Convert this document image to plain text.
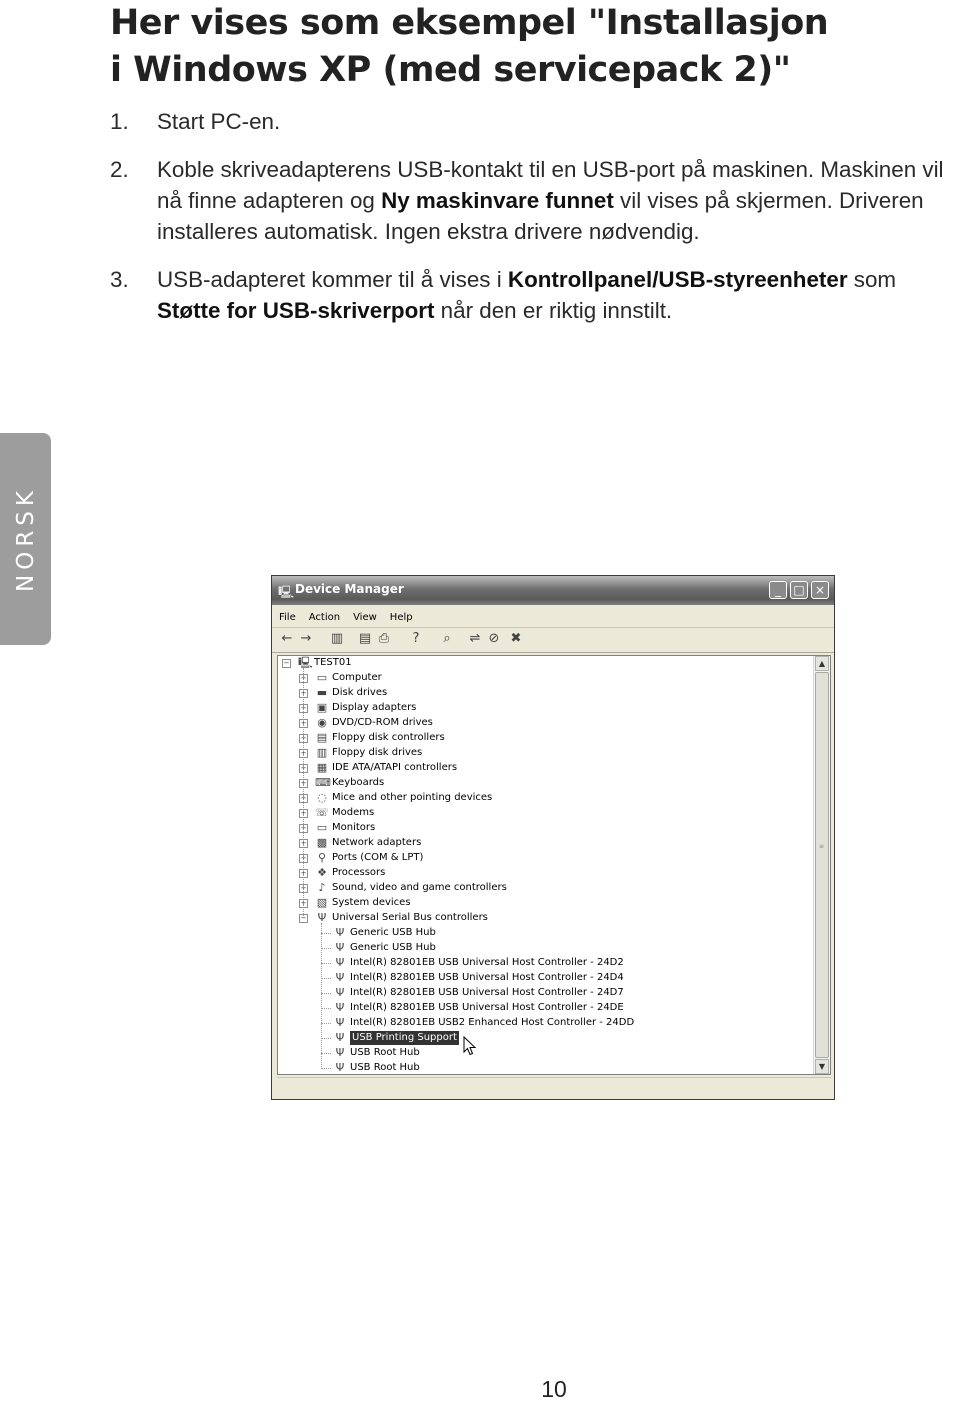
Her vises som eksempel "Installasjon
i Windows XP (med servicepack 2)"
1. Start PC-en.
2. Koble skriveadapterens USB-kontakt til en USB-port på maskinen. Maskinen vil nå finne adapteren og Ny maskinvare funnet vil vises på skjermen. Driveren installeres automatisk. Ingen ekstra drivere nødvendig.
3. USB-adapteret kommer til å vises i Kontrollpanel/USB-styreenheter som Støtte for USB-skriverport når den er riktig innstilt.
NORSK
🖳 Device Manager	_	□ ×
File Action View Help
← → ▥ ▤ ⎙	?	⌕	⇌ ⊘ ✖
− 🖳 TEST01
+ ▭ Computer
+ ▬ Disk drives
+ ▣ Display adapters
+ ◉ DVD/CD-ROM drives
+ ▤ Floppy disk controllers
+ ▥ Floppy disk drives
+ ▦ IDE ATA/ATAPI controllers
+ ⌨ Keyboards
+ ◌ Mice and other pointing devices
+ ☏ Modems
+ ▭ Monitors
+ ▩ Network adapters
+ ⚲ Ports (COM & LPT)
+ ❖ Processors
+	♪ Sound, video and game controllers
+ ▧ System devices
− Ψ Universal Serial Bus controllers
Ψ Generic USB Hub
Ψ Generic USB Hub
Ψ Intel(R) 82801EB USB Universal Host Controller - 24D2
Ψ Intel(R) 82801EB USB Universal Host Controller - 24D4
Ψ Intel(R) 82801EB USB Universal Host Controller - 24D7
Ψ Intel(R) 82801EB USB Universal Host Controller - 24DE
Ψ Intel(R) 82801EB USB2 Enhanced Host Controller - 24DD
Ψ USB Printing Support
Ψ USB Root Hub
Ψ USB Root Hub
▲
≡
▼
10
